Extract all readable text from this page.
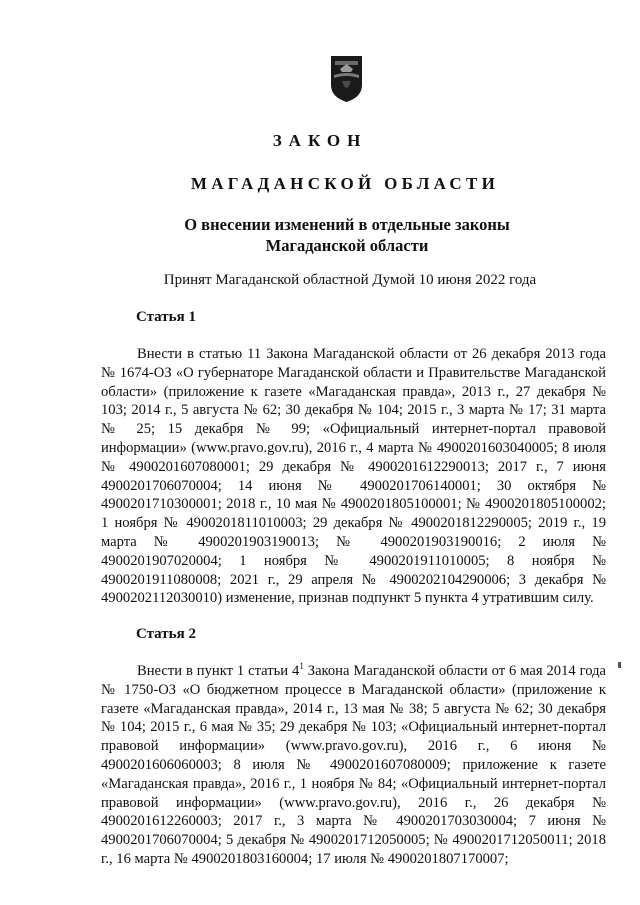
ЗАКОН
МАГАДАНСКОЙ ОБЛАСТИ
О внесении изменений в отдельные законы Магаданской области
Принят Магаданской областной Думой 10 июня 2022 года
Статья 1

Внести в статью 11 Закона Магаданской области от 26 декабря 2013 года № 1674-ОЗ «О губернаторе Магаданской области и Правительстве Магаданской области» (приложение к газете «Магаданская правда», 2013 г., 27 декабря № 103; 2014 г., 5 августа № 62; 30 декабря № 104; 2015 г., 3 марта № 17; 31 марта № 25; 15 декабря № 99; «Официальный интернет-портал правовой информации» (www.pravo.gov.ru), 2016 г., 4 марта № 4900201603040005; 8 июля № 4900201607080001; 29 декабря № 4900201612290013; 2017 г., 7 июня 4900201706070004; 14 июня № 4900201706140001; 30 октября № 4900201710300001; 2018 г., 10 мая № 4900201805100001; № 4900201805100002; 1 ноября № 4900201811010003; 29 декабря № 4900201812290005; 2019 г., 19 марта № 4900201903190013; № 4900201903190016; 2 июля № 4900201907020004; 1 ноября № 4900201911010005; 8 ноября № 4900201911080008; 2021 г., 29 апреля № 4900202104290006; 3 декабря № 4900202112030010) изменение, признав подпункт 5 пункта 4 утратившим силу.

Статья 2

Внести в пункт 1 статьи $4^1$ Закона Магаданской области от 6 мая 2014 года № 1750-ОЗ «О бюджетном процессе в Магаданской области» (приложение к газете «Магаданская правда», 2014 г., 13 мая № 38; 5 августа № 62; 30 декабря № 104; 2015 г., 6 мая № 35; 29 декабря № 103; «Официальный интернет-портал правовой информации» (www.pravo.gov.ru), 2016 г., 6 июня № 4900201606060003; 8 июля № 4900201607080009; приложение к газете «Магаданская правда», 2016 г., 1 ноября № 84; «Официальный интернет-портал правовой информации» (www.pravo.gov.ru), 2016 г., 26 декабря № 4900201612260003; 2017 г., 3 марта № 4900201703030004; 7 июня № 4900201706070004; 5 декабря № 4900201712050005; № 4900201712050011; 2018 г., 16 марта № 4900201803160004; 17 июля № 4900201807170007;
